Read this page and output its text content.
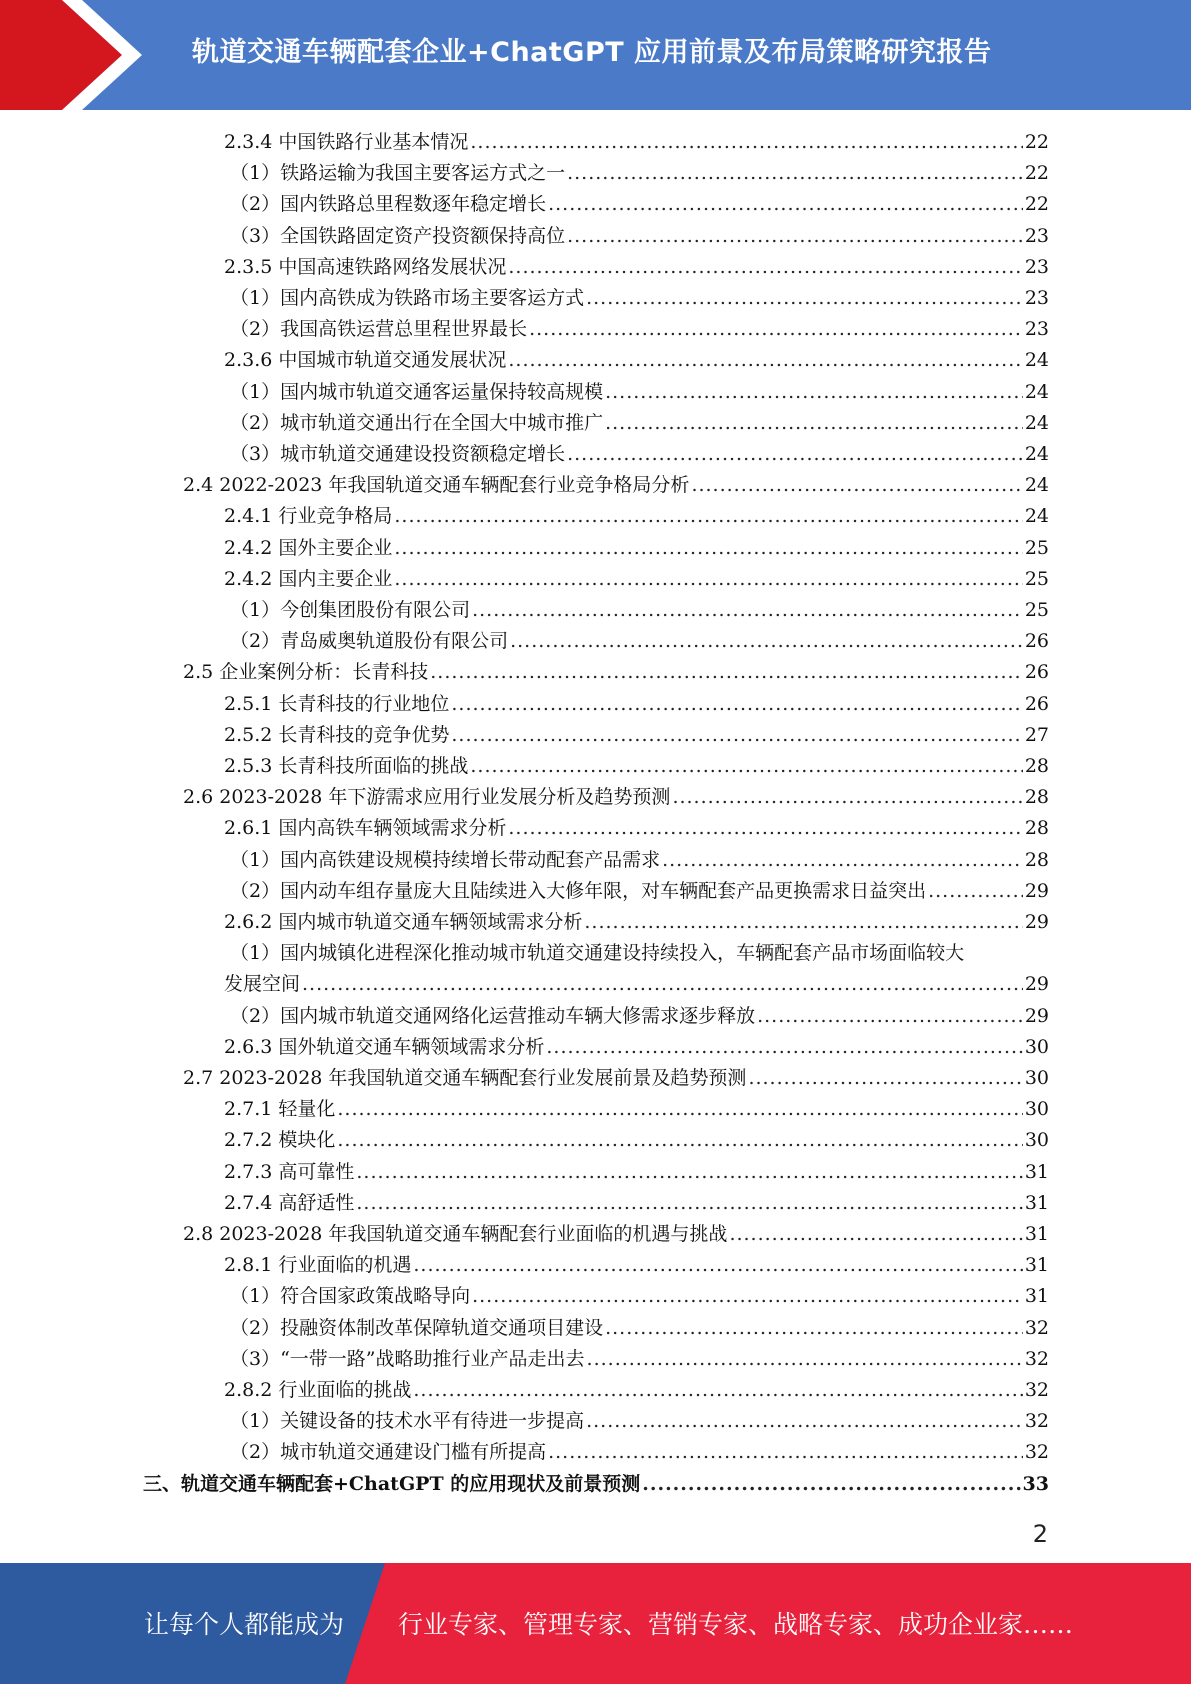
轨道交通车辆配套企业+ChatGPT 应用前景及布局策略研究报告
2.3.4 中国铁路行业基本情况 .....	22
（1）铁路运输为我国主要客运方式之一 .....	22
（2）国内铁路总里程数逐年稳定增长 .....	22
（3）全国铁路固定资产投资额保持高位 .....	23
2.3.5 中国高速铁路网络发展状况 .....	23
（1）国内高铁成为铁路市场主要客运方式 .....	23
（2）我国高铁运营总里程世界最长 .....	23
2.3.6 中国城市轨道交通发展状况 .....	24
（1）国内城市轨道交通客运量保持较高规模 .....	24
（2）城市轨道交通出行在全国大中城市推广 .....	24
（3）城市轨道交通建设投资额稳定增长 .....	24
2.4 2022-2023 年我国轨道交通车辆配套行业竞争格局分析 .....	24
2.4.1 行业竞争格局 .....	24
2.4.2 国外主要企业 .....	25
2.4.2 国内主要企业 .....	25
（1）今创集团股份有限公司 .....	25
（2）青岛威奥轨道股份有限公司 .....	26
2.5 企业案例分析：长青科技 .....	26
2.5.1 长青科技的行业地位 .....	26
2.5.2 长青科技的竞争优势 .....	27
2.5.3 长青科技所面临的挑战 .....	28
2.6 2023-2028 年下游需求应用行业发展分析及趋势预测 .....	28
2.6.1 国内高铁车辆领域需求分析 .....	28
（1）国内高铁建设规模持续增长带动配套产品需求 .....	28
（2）国内动车组存量庞大且陆续进入大修年限，对车辆配套产品更换需求日益突出 .....	29
2.6.2 国内城市轨道交通车辆领域需求分析 .....	29
（1）国内城镇化进程深化推动城市轨道交通建设持续投入，车辆配套产品市场面临较大
发展空间 .....	29
（2）国内城市轨道交通网络化运营推动车辆大修需求逐步释放 .....	29
2.6.3 国外轨道交通车辆领域需求分析 .....	30
2.7 2023-2028 年我国轨道交通车辆配套行业发展前景及趋势预测 .....	30
2.7.1 轻量化 .....	30
2.7.2 模块化 .....	30
2.7.3 高可靠性 .....	31
2.7.4 高舒适性 .....	31
2.8 2023-2028 年我国轨道交通车辆配套行业面临的机遇与挑战 .....	31
2.8.1 行业面临的机遇 .....	31
（1）符合国家政策战略导向 .....	31
（2）投融资体制改革保障轨道交通项目建设 .....	32
（3）“一带一路”战略助推行业产品走出去 .....	32
2.8.2 行业面临的挑战 .....	32
（1）关键设备的技术水平有待进一步提高 .....	32
（2）城市轨道交通建设门槛有所提高 .....	32
三、轨道交通车辆配套+ChatGPT 的应用现状及前景预测 .....	33
2
让每个人都能成为 行业专家、管理专家、营销专家、战略专家、成功企业家……
